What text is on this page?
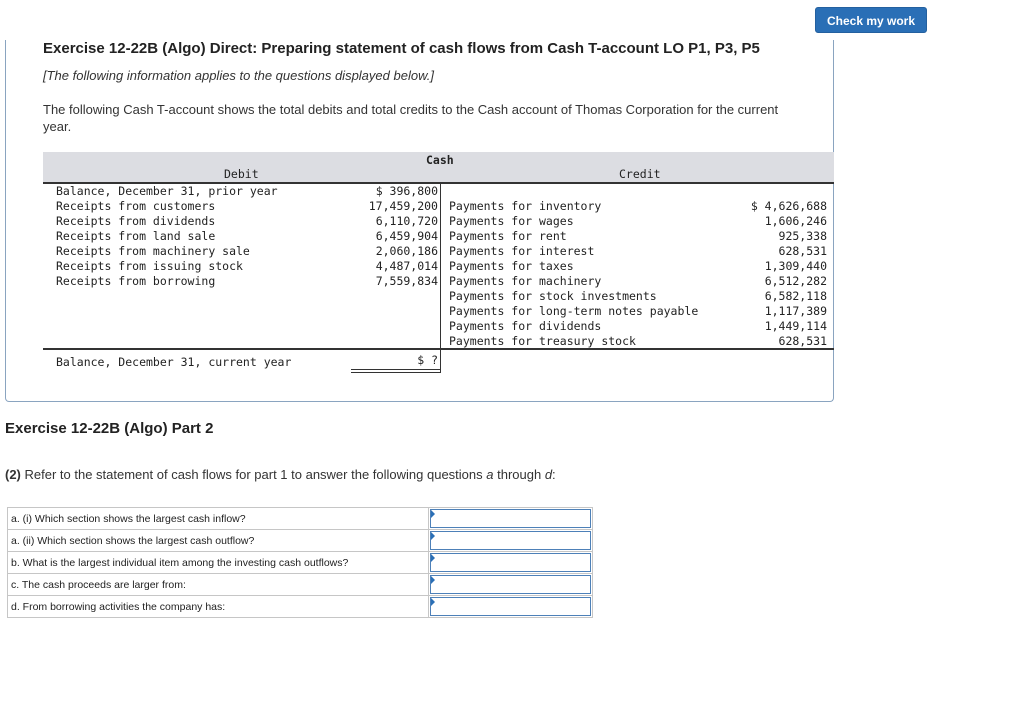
Check my work
Exercise 12-22B (Algo) Direct: Preparing statement of cash flows from Cash T-account LO P1, P3, P5
[The following information applies to the questions displayed below.]
The following Cash T-account shows the total debits and total credits to the Cash account of Thomas Corporation for the current year.
Cash
Debit	Credit
Balance, December 31, prior year	$ 396,800
Receipts from customers	17,459,200
Receipts from dividends	6,110,720
Receipts from land sale	6,459,904
Receipts from machinery sale	2,060,186
Receipts from issuing stock	4,487,014
Receipts from borrowing	7,559,834
Payments for inventory	$ 4,626,688
Payments for wages	1,606,246
Payments for rent	925,338
Payments for interest	628,531
Payments for taxes	1,309,440
Payments for machinery	6,512,282
Payments for stock investments	6,582,118
Payments for long-term notes payable	1,117,389
Payments for dividends	1,449,114
Payments for treasury stock	628,531
Balance, December 31, current year	$ ?
Exercise 12-22B (Algo) Part 2
(2) Refer to the statement of cash flows for part 1 to answer the following questions a through d:
a. (i) Which section shows the largest cash inflow?	

a. (ii) Which section shows the largest cash outflow?	

b. What is the largest individual item among the investing cash outflows?	

c. The cash proceeds are larger from:	

d. From borrowing activities the company has:	
